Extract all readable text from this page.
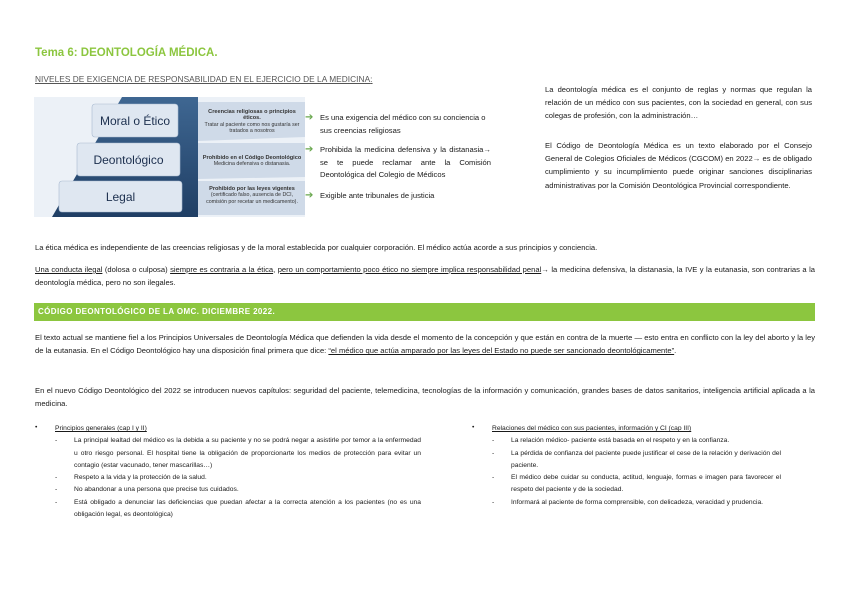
Tema 6: DEONTOLOGÍA MÉDICA.
NIVELES DE EXIGENCIA DE RESPONSABILIDAD EN EL EJERCICIO DE LA MEDICINA:
Moral o Ético
Deontológico
Legal
Creencias religiosas o principios éticos.
Tratar al paciente como nos gustaría ser tratados a nosotros
Prohibido en el Código Deontológico
Medicina defensiva o distanasia.
Prohibido por las leyes vigentes
(certificado falso, ausencia de DCI, comisión por recetar un medicamento).
➔ Es una exigencia del médico con su conciencia o sus creencias religiosas
➔ Prohibida la medicina defensiva y la distanasia→ se te puede reclamar ante la Comisión Deontológica del Colegio de Médicos
➔ Exigible ante tribunales de justicia
La deontología médica es el conjunto de reglas y normas que regulan la relación de un médico con sus pacientes, con la sociedad en general, con sus colegas de profesión, con la administración…
El Código de Deontología Médica es un texto elaborado por el Consejo General de Colegios Oficiales de Médicos (CGCOM) en 2022→ es de obligado cumplimiento y su incumplimiento puede originar sanciones disciplinarias administrativas por la Comisión Deontológica Provincial correspondiente.
La ética médica es independiente de las creencias religiosas y de la moral establecida por cualquier corporación. El médico actúa acorde a sus principios y conciencia.
Una conducta ilegal (dolosa o culposa) siempre es contraria a la ética, pero un comportamiento poco ético no siempre implica responsabilidad penal→ la medicina defensiva, la distanasia, la IVE y la eutanasia, son contrarias a la deontología médica, pero no son ilegales.
CÓDIGO DEONTOLÓGICO DE LA OMC. DICIEMBRE 2022.
El texto actual se mantiene fiel a los Principios Universales de Deontología Médica que defienden la vida desde el momento de la concepción y que están en contra de la muerte — esto entra en conflicto con la ley del aborto y la ley de la eutanasia. En el Código Deontológico hay una disposición final primera que dice: “el médico que actúa amparado por las leyes del Estado no puede ser sancionado deontológicamente”.
En el nuevo Código Deontológico del 2022 se introducen nuevos capítulos: seguridad del paciente, telemedicina, tecnologías de la información y comunicación, grandes bases de datos sanitarios, inteligencia artificial aplicada a la medicina.
•	Principios generales (cap I y II)
-	La principal lealtad del médico es la debida a su paciente y no se podrá negar a asistirle por temor a la enfermedad u otro riesgo personal. El hospital tiene la obligación de proporcionarte los medios de protección para evitar un contagio (estar vacunado, tener mascarillas…)
-	Respeto a la vida y la protección de la salud.
-	No abandonar a una persona que precise tus cuidados.
-	Está obligado a denunciar las deficiencias que puedan afectar a la correcta atención a los pacientes (no es una obligación legal, es deontológica)
•	Relaciones del médico con sus pacientes, información y CI (cap III)
-	La relación médico- paciente está basada en el respeto y en la confianza.
-	La pérdida de confianza del paciente puede justificar el cese de la relación y derivación del paciente.
-	El médico debe cuidar su conducta, actitud, lenguaje, formas e imagen para favorecer el respeto del paciente y de la sociedad.
-	Informará al paciente de forma comprensible, con delicadeza, veracidad y prudencia.
